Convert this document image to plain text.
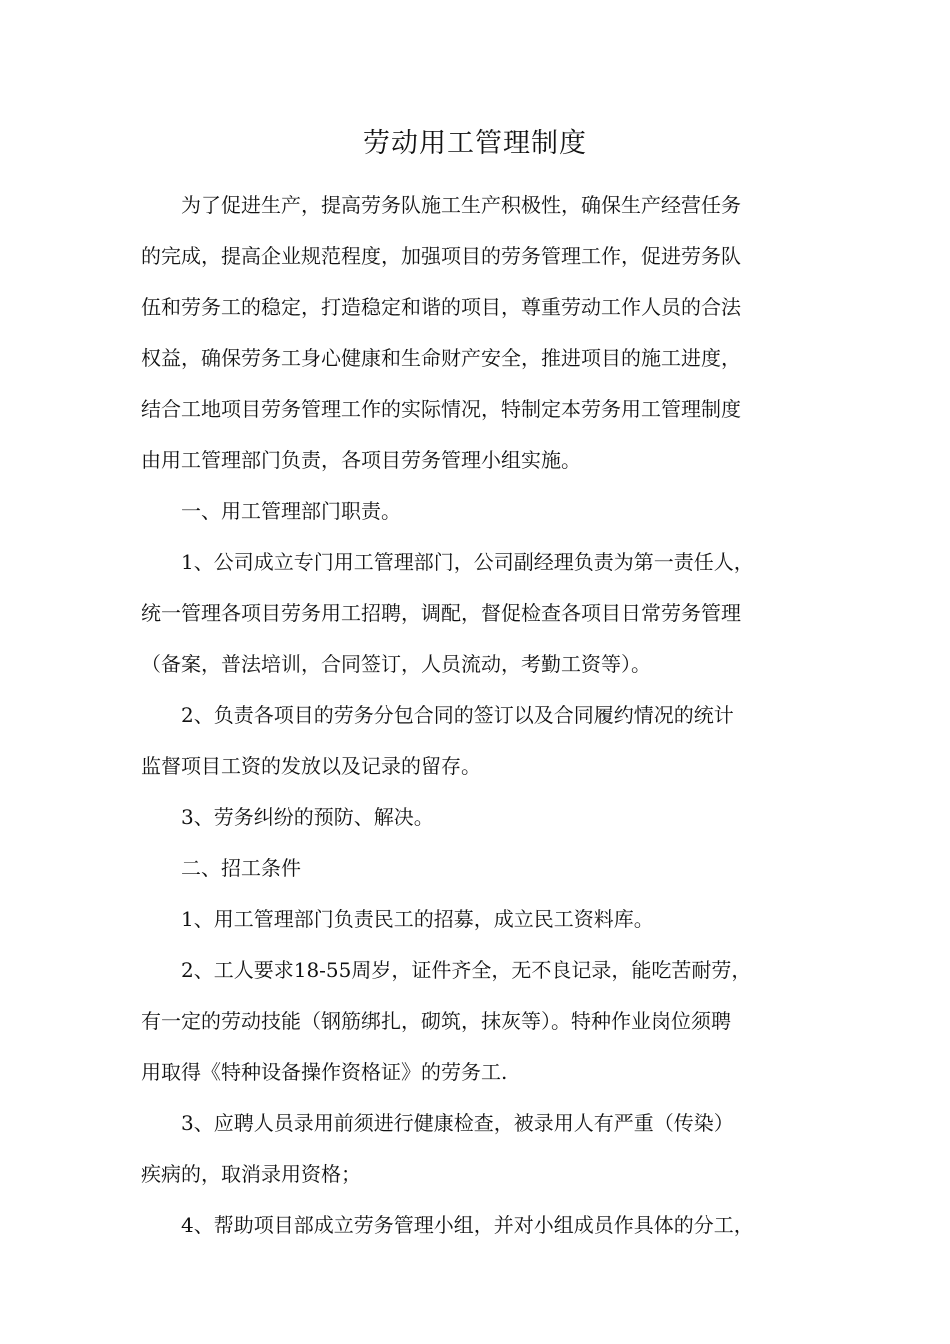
劳动用工管理制度

为了促进生产，提高劳务队施工生产积极性，确保生产经营任务
的完成，提高企业规范程度，加强项目的劳务管理工作，促进劳务队
伍和劳务工的稳定，打造稳定和谐的项目，尊重劳动工作人员的合法
权益，确保劳务工身心健康和生命财产安全，推进项目的施工进度，
结合工地项目劳务管理工作的实际情况，特制定本劳务用工管理制度
由用工管理部门负责，各项目劳务管理小组实施。

一、用工管理部门职责。

1、公司成立专门用工管理部门，公司副经理负责为第一责任人，
统一管理各项目劳务用工招聘，调配，督促检查各项目日常劳务管理
（备案，普法培训，合同签订，人员流动，考勤工资等）。

2、负责各项目的劳务分包合同的签订以及合同履约情况的统计
监督项目工资的发放以及记录的留存。

3、劳务纠纷的预防、解决。

二、招工条件

1、用工管理部门负责民工的招募，成立民工资料库。

2、工人要求18-55周岁，证件齐全，无不良记录，能吃苦耐劳，
有一定的劳动技能（钢筋绑扎，砌筑，抹灰等）。特种作业岗位须聘
用取得《特种设备操作资格证》的劳务工.

3、应聘人员录用前须进行健康检查，被录用人有严重（传染）
疾病的，取消录用资格；

4、帮助项目部成立劳务管理小组，并对小组成员作具体的分工，
